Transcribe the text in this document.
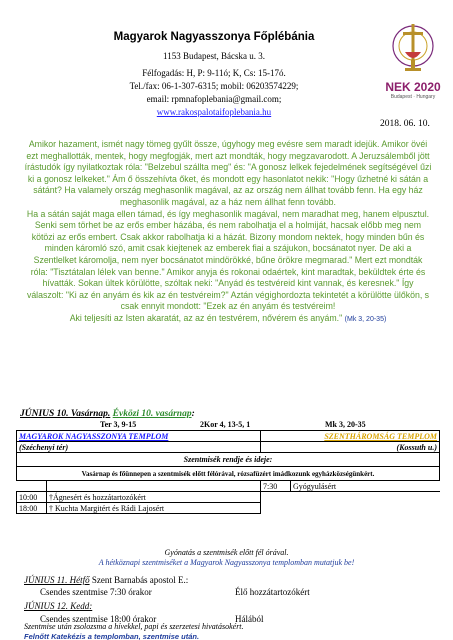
Magyarok Nagyasszonya Főplébánia
1153 Budapest, Bácska u. 3.
Félfogadás: H, P: 9-11ó; K, Cs: 15-17ó.
Tel./fax: 06-1-307-6315; mobil: 06203574229;
email: rpmnafoplebania@gmail.com;
www.rakospalotaifoplebania.hu
NEK 2020
Budapest · Hungary
2018. 06. 10.
Amikor hazament, ismét nagy tömeg gyűlt össze, úgyhogy meg evésre sem maradt idejük. Amikor övéi ezt meghallották, mentek, hogy megfogják, mert azt mondták, hogy megzavarodott. A Jeruzsálemből jött írástudók így nyilatkoztak róla: "Belzebul szállta meg" és: "A gonosz lelkek fejedelmének segítségével űzi ki a gonosz lelkeket." Ám ő összehívta őket, és mondott egy hasonlatot nekik: "Hogy űzhetné ki sátán a sátánt? Ha valamely ország meghasonlik magával, az az ország nem állhat tovább fenn. Ha egy ház meghasonlik magával, az a ház nem állhat fenn tovább.
Ha a sátán saját maga ellen támad, és így meghasonlik magával, nem maradhat meg, hanem elpusztul. Senki sem törhet be az erős ember házába, és nem rabolhatja el a holmiját, hacsak előbb meg nem kötözi az erős embert. Csak akkor rabolhatja ki a házát. Bizony mondom nektek, hogy minden bűn és minden káromló szó, amit csak kiejtenek az emberek fiai a szájukon, bocsánatot nyer. De aki a Szentlelket káromolja, nem nyer bocsánatot mindörökké, bűne örökre megmarad." Mert ezt mondták róla: "Tisztátalan lélek van benne." Amikor anyja és rokonai odaértek, kint maradtak, beküldtek érte és hívatták. Sokan ültek körülötte, szóltak neki: "Anyád és testvéreid kint vannak, és keresnek." Így válaszolt: "Ki az én anyám és kik az én testvéreim?" Aztán végighordozta tekintetét a körülötte ülőkön, s csak ennyit mondott: "Ezek az én anyám és testvéreim!
Aki teljesíti az Isten akaratát, az az én testvérem, nővérem és anyám." (Mk 3, 20-35)
JÚNIUS 10. Vasárnap. Évközi 10. vasárnap:
Ter 3, 9-15	2Kor 4, 13-5, 1	Mk 3, 20-35
MAGYAROK NAGYASSZONYA TEMPLOM		SZENTHÁROMSÁG TEMPLOM	
(Széchenyi tér)		(Kossuth u.)	
Szentmisék rendje és ideje:			
Vasárnap és főünnepen a szentmisék előtt félórával, rózsafüzért imádkozunk egyházközségünkért.			
		7:30	Gyógyulásért
10:00	†Ágnesért és hozzátartozókért		
18:00	† Kuchta Margitért és Rádi Lajosért		
Gyónatás a szentmisék előtt fél órával.
A hétköznapi szentmiséket a Magyarok Nagyasszonya templomban mutatjuk be!
JÚNIUS 11. Hétfő Szent Barnabás apostol E.:
Csendes szentmise 7:30 órakor	Élő hozzátartozókért
JÚNIUS 12. Kedd:
Csendes szentmise 18:00 órakor	Hálából
Szentmise után zsolozsma a hívekkel, papi és szerzetesi hivatásokért.
Felnőtt Katekézis a templomban, szentmise után.
